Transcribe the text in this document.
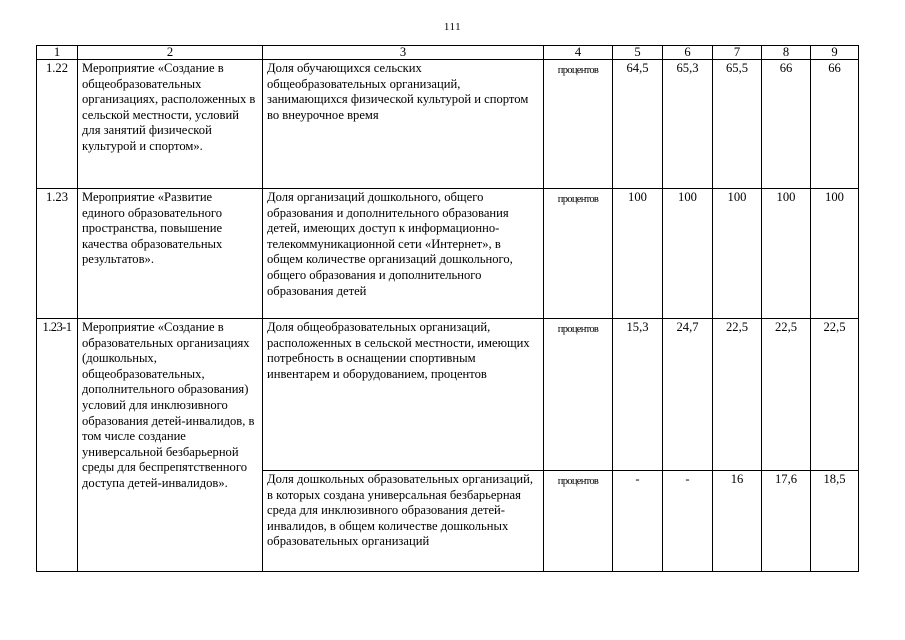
111
1	2	3	4	5	6	7	8	9
1.22	Мероприятие «Создание в общеобразовательных организациях, расположенных в сельской местности, условий для занятий физической культурой и спортом».	Доля обучающихся сельских общеобразовательных организаций, занимающихся физической культурой и спортом во внеурочное время	процентов	64,5	65,3	65,5	66	66
1.23	Мероприятие «Развитие единого образовательного пространства, повышение качества образовательных результатов».	Доля организаций дошкольного, общего образования и дополнительного образования детей, имеющих доступ к информационно-телекоммуникационной сети «Интернет», в общем количестве организаций дошкольного, общего образования и дополнительного образования детей	процентов	100	100	100	100	100
1.23-1	Мероприятие «Создание в образовательных организациях (дошкольных, общеобразовательных, дополнительного образования) условий для инклюзивного образования детей-инвалидов, в том числе создание универсальной безбарьерной среды для беспрепятственного доступа детей-инвалидов».	Доля общеобразовательных организаций, расположенных в сельской местности, имеющих потребность в оснащении спортивным инвентарем и оборудованием, процентов	процентов	15,3	24,7	22,5	22,5	22,5
		Доля дошкольных образовательных организаций, в которых создана универсальная безбарьерная среда для инклюзивного образования детей-инвалидов, в общем количестве дошкольных образовательных организаций	процентов	-	-	16	17,6	18,5
